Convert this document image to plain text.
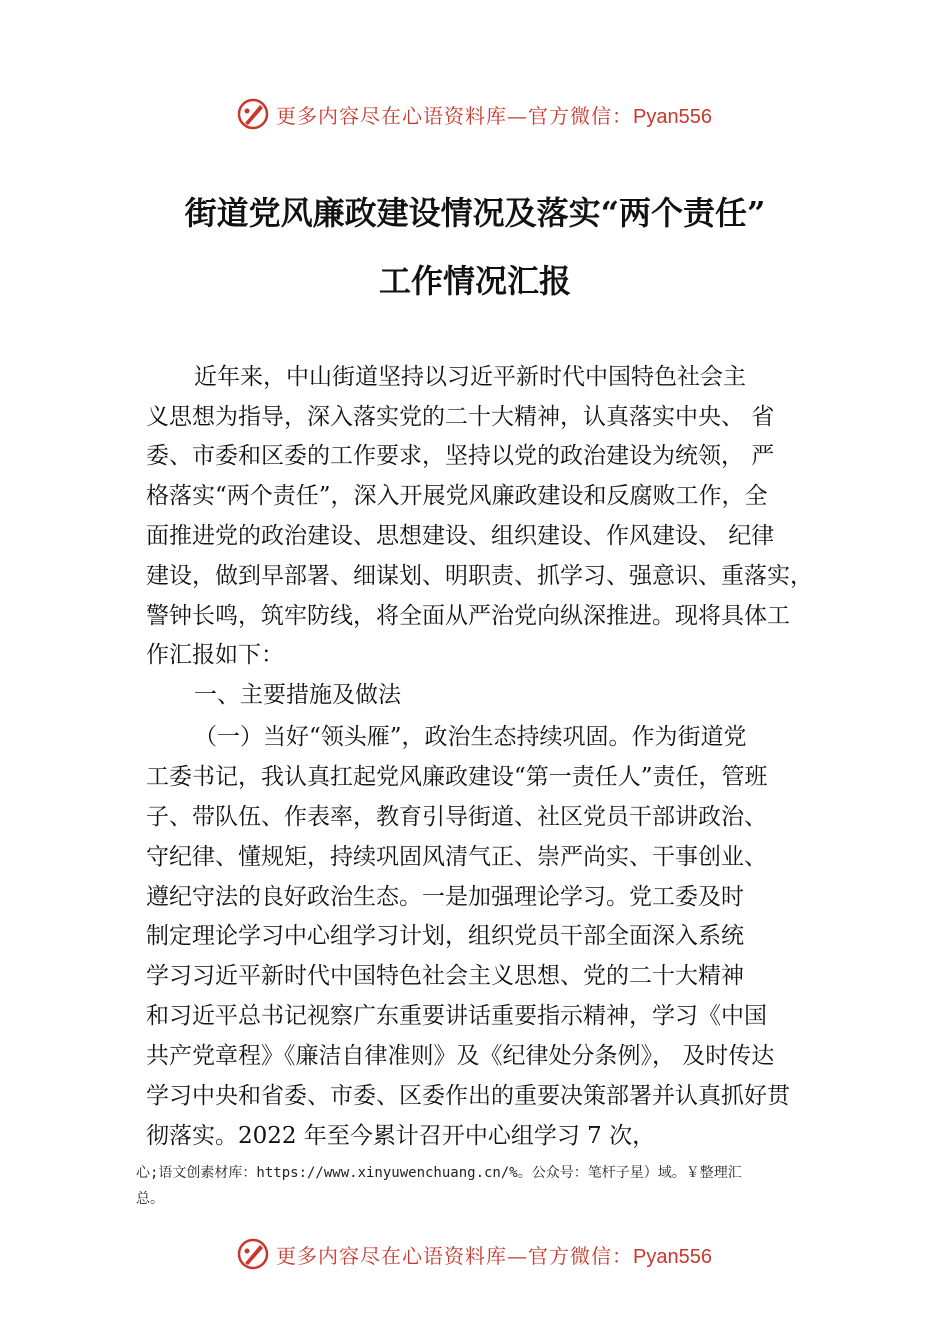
更多内容尽在心语资料库—官方微信：Pyan556
街道党风廉政建设情况及落实“两个责任”
工作情况汇报
近年来，中山街道坚持以习近平新时代中国特色社会主
义思想为指导，深入落实党的二十大精神，认真落实中央、 省
委、市委和区委的工作要求，坚持以党的政治建设为统领， 严
格落实“两个责任”，深入开展党风廉政建设和反腐败工作，全
面推进党的政治建设、思想建设、组织建设、作风建设、 纪律
建设，做到早部署、细谋划、明职责、抓学习、强意识、重落实，
警钟长鸣，筑牢防线，将全面从严治党向纵深推进。现将具体工
作汇报如下：
一、主要措施及做法
（一）当好“领头雁”，政治生态持续巩固。作为街道党
工委书记，我认真扛起党风廉政建设“第一责任人”责任，管班
子、带队伍、作表率，教育引导街道、社区党员干部讲政治、
守纪律、懂规矩，持续巩固风清气正、崇严尚实、干事创业、
遵纪守法的良好政治生态。一是加强理论学习。党工委及时
制定理论学习中心组学习计划，组织党员干部全面深入系统
学习习近平新时代中国特色社会主义思想、党的二十大精神
和习近平总书记视察广东重要讲话重要指示精神，学习《中国
共产党章程》《廉洁自律准则》及《纪律处分条例》， 及时传达
学习中央和省委、市委、区委作出的重要决策部署并认真抓好贯
彻落实。2022 年至今累计召开中心组学习 7 次，
心;语文创素材库：https://www.xinyuwenchuang.cn/%。公众号：笔杆子星）域。￥整理汇
总。
更多内容尽在心语资料库—官方微信：Pyan556
